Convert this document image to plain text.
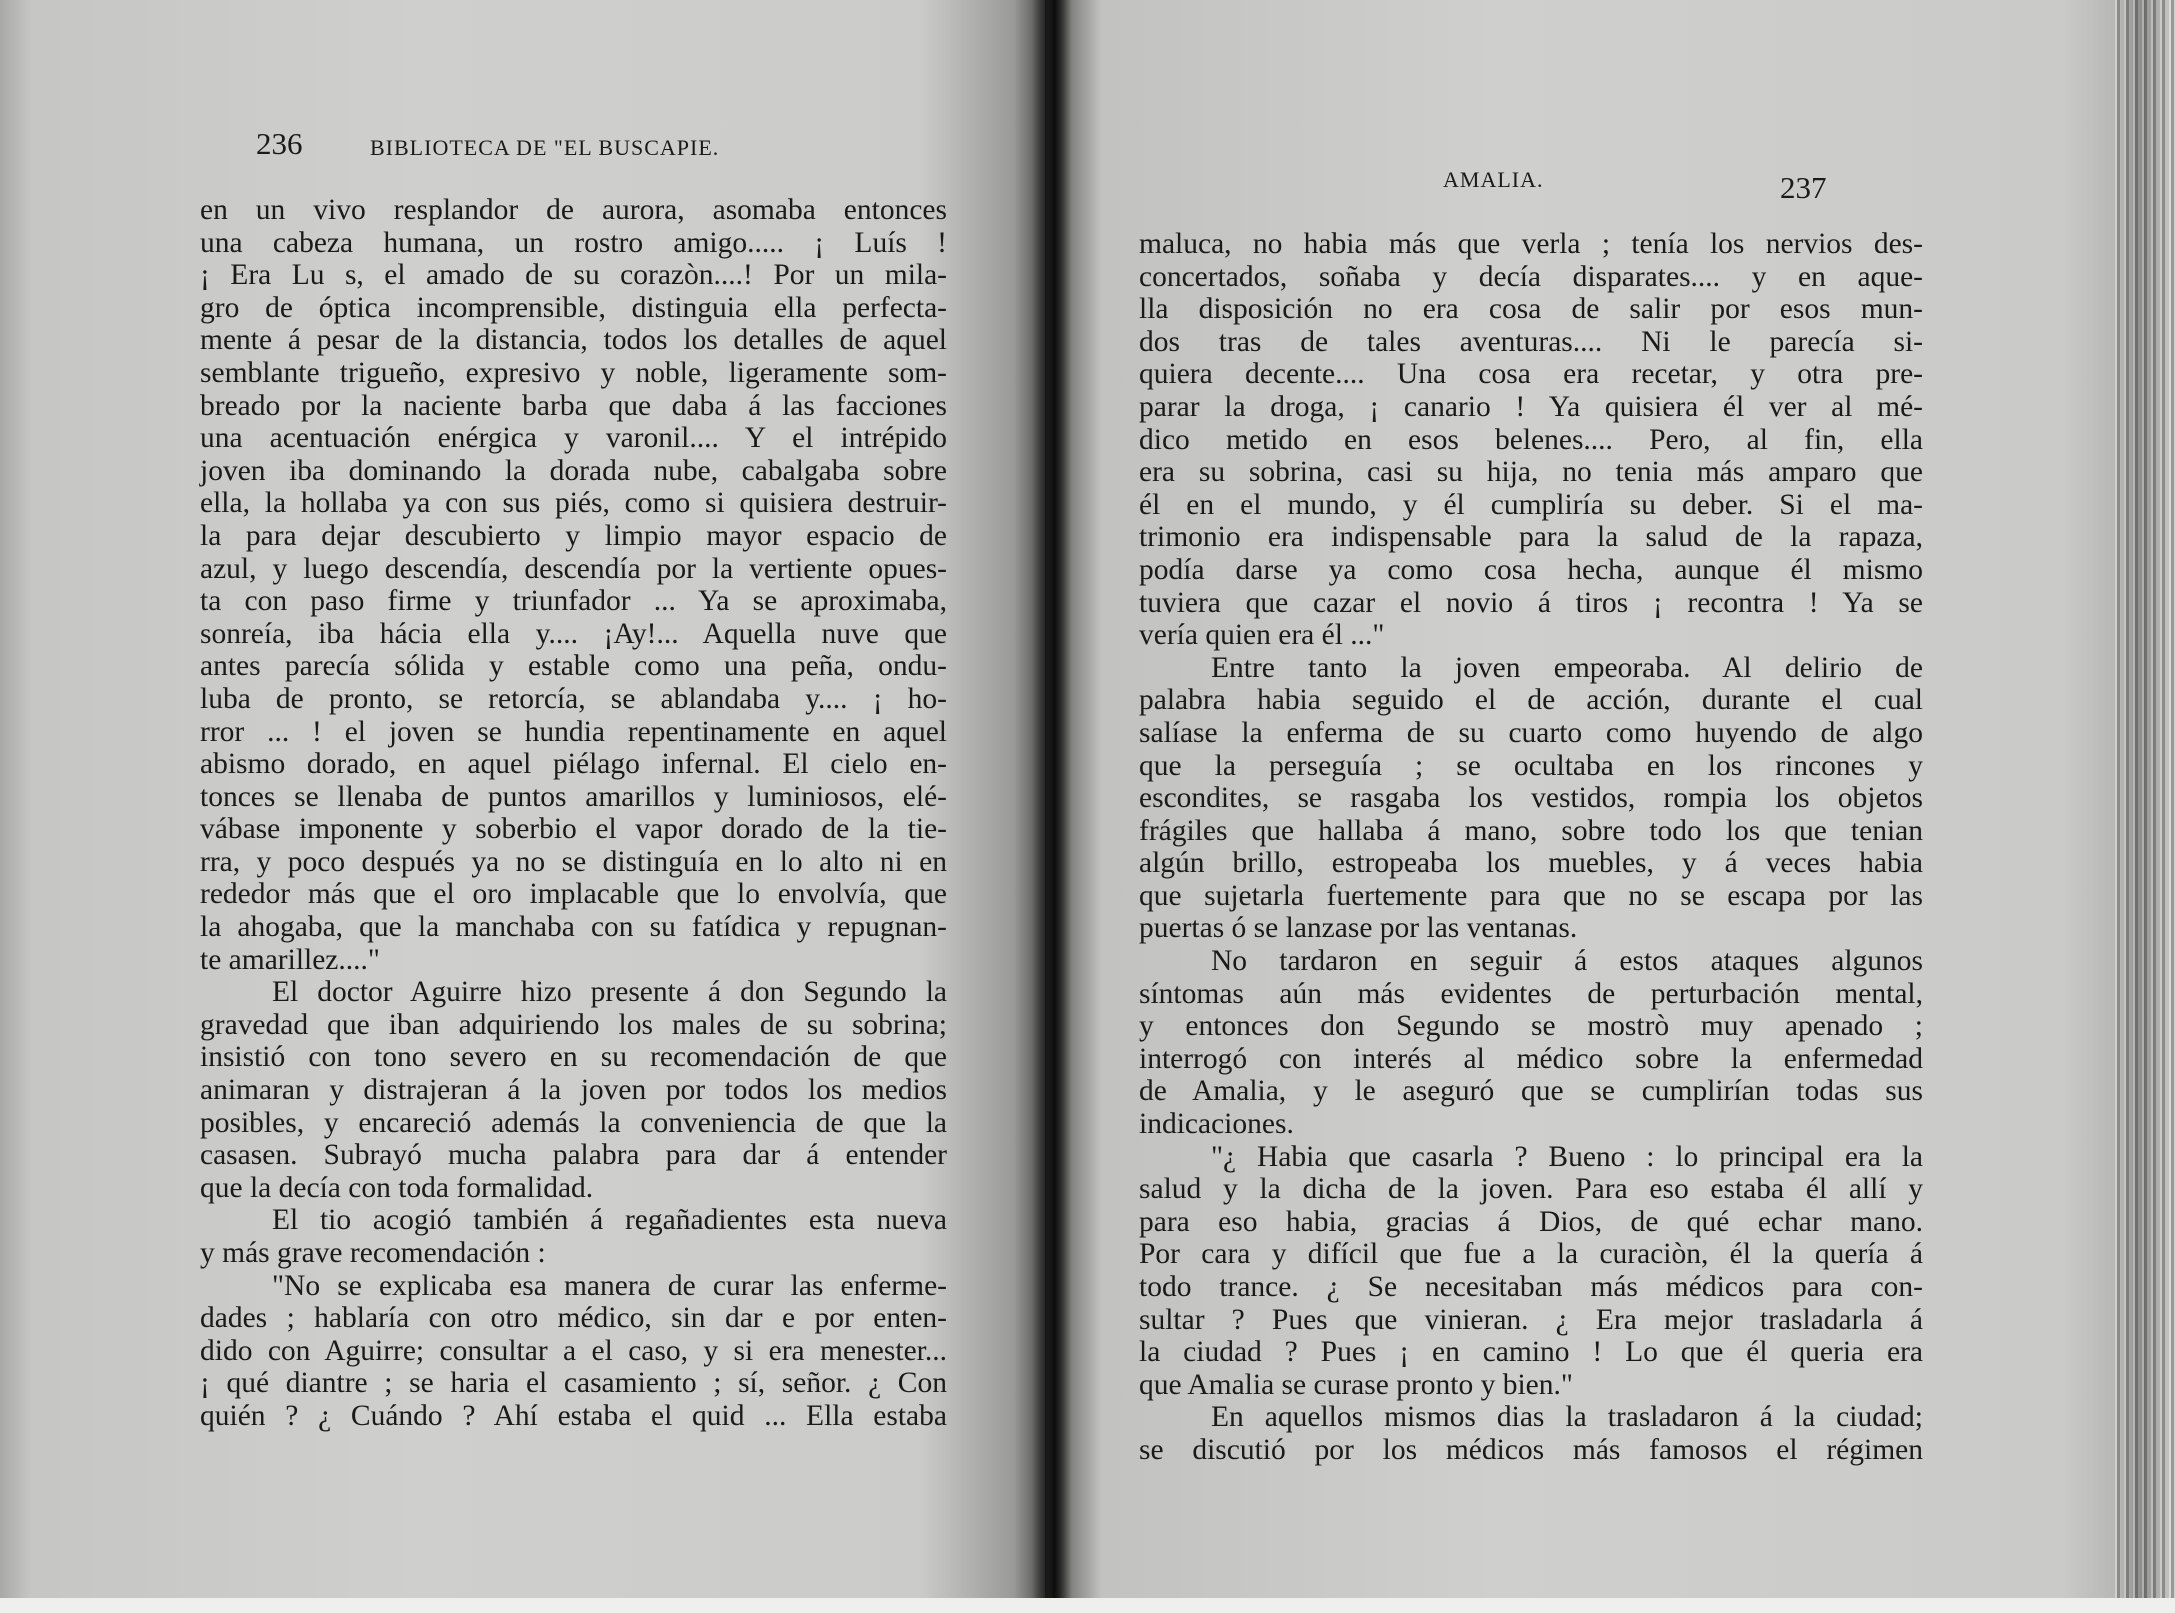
236	BIBLIOTECA DE "EL BUSCAPIE.
en un vivo resplandor de aurora, asomaba entonces
una cabeza humana, un rostro amigo..... ¡ Luís !
¡ Era Lu s, el amado de su corazòn....! Por un mila-
gro de óptica incomprensible, distinguia ella perfecta-
mente á pesar de la distancia, todos los detalles de aquel
semblante trigueño, expresivo y noble, ligeramente som-
breado por la naciente barba que daba á las facciones
una acentuación enérgica y varonil.... Y el intrépido
joven iba dominando la dorada nube, cabalgaba sobre
ella, la hollaba ya con sus piés, como si quisiera destruir-
la para dejar descubierto y limpio mayor espacio de
azul, y luego descendía, descendía por la vertiente opues-
ta con paso firme y triunfador ... Ya se aproximaba,
sonreía, iba hácia ella y.... ¡Ay!... Aquella nuve que
antes parecía sólida y estable como una peña, ondu-
luba de pronto, se retorcía, se ablandaba y.... ¡ ho-
rror ... ! el joven se hundia repentinamente en aquel
abismo dorado, en aquel piélago infernal. El cielo en-
tonces se llenaba de puntos amarillos y luminiosos, elé-
vábase imponente y soberbio el vapor dorado de la tie-
rra, y poco después ya no se distinguía en lo alto ni en
rededor más que el oro implacable que lo envolvía, que
la ahogaba, que la manchaba con su fatídica y repugnan-
te amarillez...."
El doctor Aguirre hizo presente á don Segundo la
gravedad que iban adquiriendo los males de su sobrina;
insistió con tono severo en su recomendación de que
animaran y distrajeran á la joven por todos los medios
posibles, y encareció además la conveniencia de que la
casasen. Subrayó mucha palabra para dar á entender
que la decía con toda formalidad.
El tio acogió también á regañadientes esta nueva
y más grave recomendación :
"No se explicaba esa manera de curar las enferme-
dades ; hablaría con otro médico, sin dar e por enten-
dido con Aguirre; consultar a el caso, y si era menester...
¡ qué diantre ; se haria el casamiento ; sí, señor. ¿ Con
quién ? ¿ Cuándo ? Ahí estaba el quid ... Ella estaba
AMALIA.	237
maluca, no habia más que verla ; tenía los nervios des-
concertados, soñaba y decía disparates.... y en aque-
lla disposición no era cosa de salir por esos mun-
dos tras de tales aventuras.... Ni le parecía si-
quiera decente.... Una cosa era recetar, y otra pre-
parar la droga, ¡ canario ! Ya quisiera él ver al mé-
dico metido en esos belenes.... Pero, al fin, ella
era su sobrina, casi su hija, no tenia más amparo que
él en el mundo, y él cumpliría su deber. Si el ma-
trimonio era indispensable para la salud de la rapaza,
podía darse ya como cosa hecha, aunque él mismo
tuviera que cazar el novio á tiros ¡ recontra ! Ya se
vería quien era él ..."
Entre tanto la joven empeoraba. Al delirio de
palabra habia seguido el de acción, durante el cual
salíase la enferma de su cuarto como huyendo de algo
que la perseguía ; se ocultaba en los rincones y
escondites, se rasgaba los vestidos, rompia los objetos
frágiles que hallaba á mano, sobre todo los que tenian
algún brillo, estropeaba los muebles, y á veces habia
que sujetarla fuertemente para que no se escapa por las
puertas ó se lanzase por las ventanas.
No tardaron en seguir á estos ataques algunos
síntomas aún más evidentes de perturbación mental,
y entonces don Segundo se mostrò muy apenado ;
interrogó con interés al médico sobre la enfermedad
de Amalia, y le aseguró que se cumplirían todas sus
indicaciones.
"¿ Habia que casarla ? Bueno : lo principal era la
salud y la dicha de la joven. Para eso estaba él allí y
para eso habia, gracias á Dios, de qué echar mano.
Por cara y difícil que fue a la curaciòn, él la quería á
todo trance. ¿ Se necesitaban más médicos para con-
sultar ? Pues que vinieran. ¿ Era mejor trasladarla á
la ciudad ? Pues ¡ en camino ! Lo que él queria era
que Amalia se curase pronto y bien."
En aquellos mismos dias la trasladaron á la ciudad;
se discutió por los médicos más famosos el régimen
